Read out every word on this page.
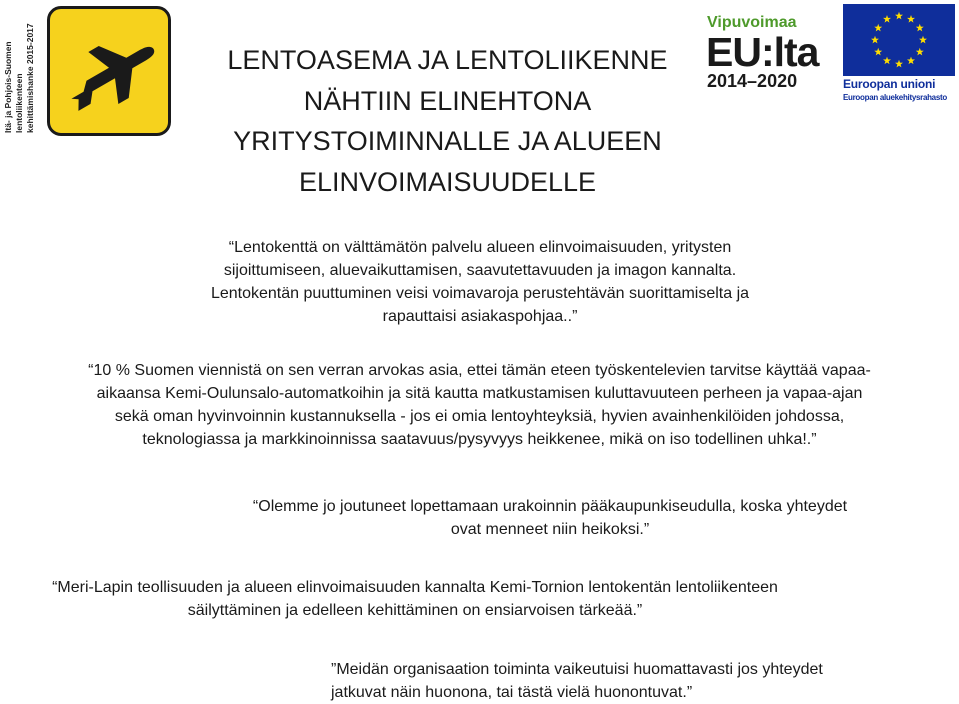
Itä- ja Pohjois-Suomen lentoliikenteen kehittämishanke 2015-2017	LENTOASEMA JA LENTOLIIKENNE
NÄHTIIN ELINEHTONA
YRITYSTOIMINNALLE JA ALUEEN
ELINVOIMAISUUDELLE
Vipuvoimaa
EU:lta
2014–2020	Euroopan unioni
Euroopan aluekehitysrahasto
“Lentokenttä on välttämätön palvelu alueen elinvoimaisuuden, yritysten
sijoittumiseen, aluevaikuttamisen, saavutettavuuden ja imagon kannalta.
Lentokentän puuttuminen veisi voimavaroja perustehtävän suorittamiselta ja
rapauttaisi asiakaspohjaa..”
“10 % Suomen viennistä on sen verran arvokas asia, ettei tämän eteen työskentelevien tarvitse käyttää vapaa-
aikaansa Kemi-Oulunsalo-automatkoihin ja sitä kautta matkustamisen kuluttavuuteen perheen ja vapaa-ajan
sekä oman hyvinvoinnin kustannuksella - jos ei omia lentoyhteyksiä, hyvien avainhenkilöiden johdossa,
teknologiassa ja markkinoinnissa saatavuus/pysyvyys heikkenee, mikä on iso todellinen uhka!.”
“Olemme jo joutuneet lopettamaan urakoinnin pääkaupunkiseudulla, koska yhteydet
ovat menneet niin heikoksi.”
“Meri-Lapin teollisuuden ja alueen elinvoimaisuuden kannalta Kemi-Tornion lentokentän lentoliikenteen
säilyttäminen ja edelleen kehittäminen on ensiarvoisen tärkeää.”
”Meidän organisaation toiminta vaikeutuisi huomattavasti jos yhteydet
jatkuvat näin huonona, tai tästä vielä huonontuvat.”
